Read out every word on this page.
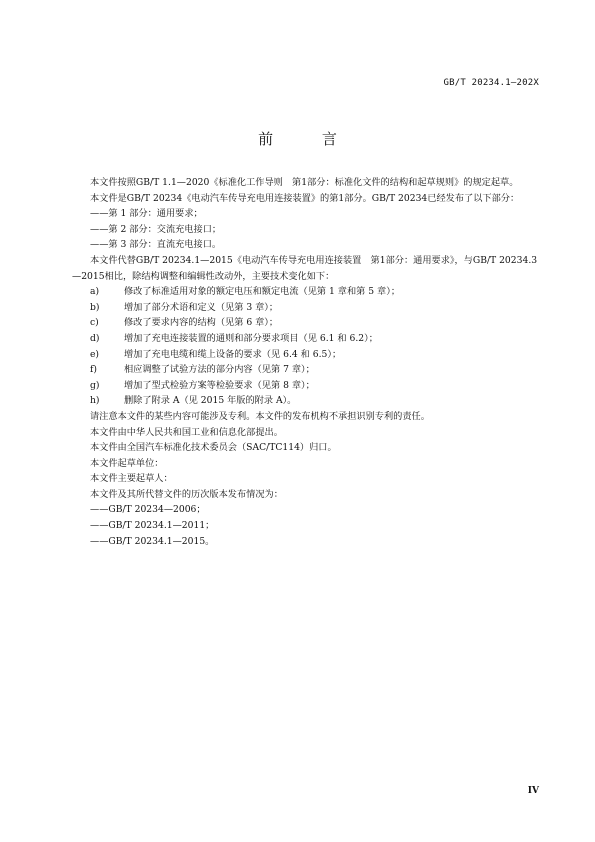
GB/T 20234.1—202X
前 言

本文件按照GB/T 1.1—2020《标准化工作导则　第1部分：标准化文件的结构和起草规则》的规定起草。

本文件是GB/T 20234《电动汽车传导充电用连接装置》的第1部分。GB/T 20234已经发布了以下部分：

——第 1 部分：通用要求；

——第 2 部分：交流充电接口；

——第 3 部分：直流充电接口。

本文件代替GB/T 20234.1—2015《电动汽车传导充电用连接装置　第1部分：通用要求》，与GB/T 20234.3—2015相比，除结构调整和编辑性改动外，主要技术变化如下：

a)	修改了标准适用对象的额定电压和额定电流（见第 1 章和第 5 章）；
b)	增加了部分术语和定义（见第 3 章）；
c)	修改了要求内容的结构（见第 6 章）；
d)	增加了充电连接装置的通则和部分要求项目（见 6.1 和 6.2）；
e)	增加了充电电缆和缆上设备的要求（见 6.4 和 6.5）；
f)	相应调整了试验方法的部分内容（见第 7 章）；
g)	增加了型式检验方案等检验要求（见第 8 章）；
h)	删除了附录 A（见 2015 年版的附录 A）。

请注意本文件的某些内容可能涉及专利。本文件的发布机构不承担识别专利的责任。

本文件由中华人民共和国工业和信息化部提出。

本文件由全国汽车标准化技术委员会（SAC/TC114）归口。

本文件起草单位：

本文件主要起草人：

本文件及其所代替文件的历次版本发布情况为：

——GB/T 20234—2006；

——GB/T 20234.1—2011；

——GB/T 20234.1—2015。

IV
